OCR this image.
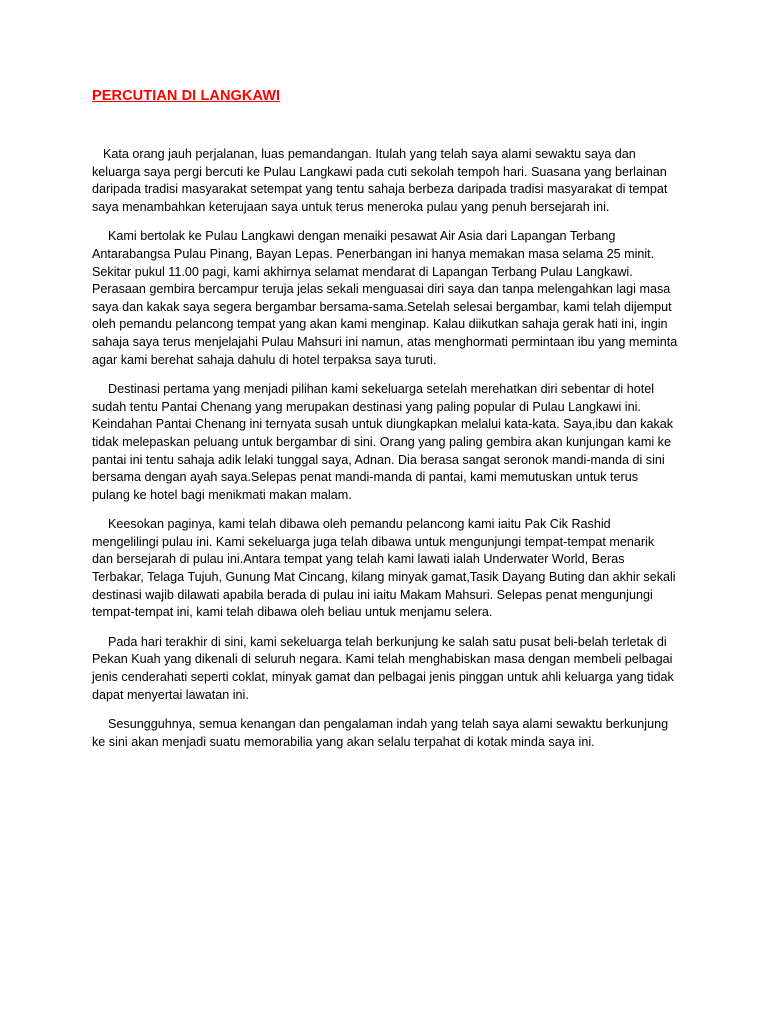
PERCUTIAN DI LANGKAWI

Kata orang jauh perjalanan, luas pemandangan. Itulah yang telah saya alami sewaktu saya dan keluarga saya pergi bercuti ke Pulau Langkawi pada cuti sekolah tempoh hari. Suasana yang berlainan daripada tradisi masyarakat setempat yang tentu sahaja berbeza daripada tradisi masyarakat di tempat saya menambahkan keterujaan saya untuk terus meneroka pulau yang penuh bersejarah ini.

Kami bertolak ke Pulau Langkawi dengan menaiki pesawat Air Asia dari Lapangan Terbang Antarabangsa Pulau Pinang, Bayan Lepas. Penerbangan ini hanya memakan masa selama 25 minit. Sekitar pukul 11.00 pagi, kami akhirnya selamat mendarat di Lapangan Terbang Pulau Langkawi. Perasaan gembira bercampur teruja jelas sekali menguasai diri saya dan tanpa melengahkan lagi masa saya dan kakak saya segera bergambar bersama-sama.Setelah selesai bergambar, kami telah dijemput oleh pemandu pelancong tempat yang akan kami menginap. Kalau diikutkan sahaja gerak hati ini, ingin sahaja saya terus menjelajahi Pulau Mahsuri ini namun, atas menghormati permintaan ibu yang meminta agar kami berehat sahaja dahulu di hotel terpaksa saya turuti.

Destinasi pertama yang menjadi pilihan kami sekeluarga setelah merehatkan diri sebentar di hotel sudah tentu Pantai Chenang yang merupakan destinasi yang paling popular di Pulau Langkawi ini. Keindahan Pantai Chenang ini ternyata susah untuk diungkapkan melalui kata-kata. Saya,ibu dan kakak tidak melepaskan peluang untuk bergambar di sini. Orang yang paling gembira akan kunjungan kami ke pantai ini tentu sahaja adik lelaki tunggal saya, Adnan. Dia berasa sangat seronok mandi-manda di sini bersama dengan ayah saya.Selepas penat mandi-manda di pantai, kami memutuskan untuk terus pulang ke hotel bagi menikmati makan malam.

Keesokan paginya, kami telah dibawa oleh pemandu pelancong kami iaitu Pak Cik Rashid mengelilingi pulau ini. Kami sekeluarga juga telah dibawa untuk mengunjungi tempat-tempat menarik dan bersejarah di pulau ini.Antara tempat yang telah kami lawati ialah Underwater World, Beras Terbakar, Telaga Tujuh, Gunung Mat Cincang, kilang minyak gamat,Tasik Dayang Buting dan akhir sekali destinasi wajib dilawati apabila berada di pulau ini iaitu Makam Mahsuri. Selepas penat mengunjungi tempat-tempat ini, kami telah dibawa oleh beliau untuk menjamu selera.

Pada hari terakhir di sini, kami sekeluarga telah berkunjung ke salah satu pusat beli-belah terletak di Pekan Kuah yang dikenali di seluruh negara. Kami telah menghabiskan masa dengan membeli pelbagai jenis cenderahati seperti coklat, minyak gamat dan pelbagai jenis pinggan untuk ahli keluarga yang tidak dapat menyertai lawatan ini.

Sesungguhnya, semua kenangan dan pengalaman indah yang telah saya alami sewaktu berkunjung ke sini akan menjadi suatu memorabilia yang akan selalu terpahat di kotak minda saya ini.
